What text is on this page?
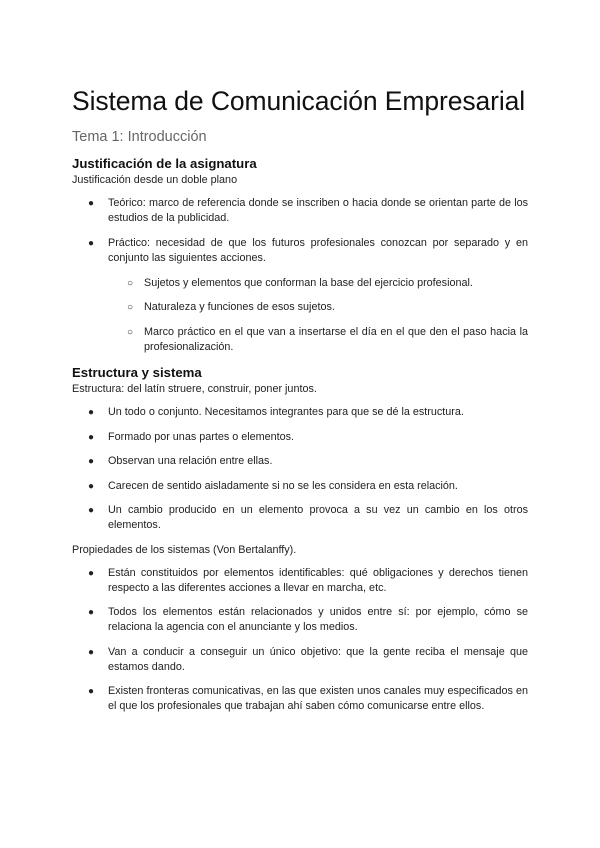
Sistema de Comunicación Empresarial
Tema 1: Introducción
Justificación de la asignatura

Justificación desde un doble plano

● Teórico: marco de referencia donde se inscriben o hacia donde se orientan parte de los estudios de la publicidad.
● Práctico: necesidad de que los futuros profesionales conozcan por separado y en conjunto las siguientes acciones.
○ Sujetos y elementos que conforman la base del ejercicio profesional.
○ Naturaleza y funciones de esos sujetos.
○ Marco práctico en el que van a insertarse el día en el que den el paso hacia la profesionalización.
Estructura y sistema

Estructura: del latín struere, construir, poner juntos.

● Un todo o conjunto. Necesitamos integrantes para que se dé la estructura.
● Formado por unas partes o elementos.
● Observan una relación entre ellas.
● Carecen de sentido aisladamente si no se les considera en esta relación.
● Un cambio producido en un elemento provoca a su vez un cambio en los otros elementos.

Propiedades de los sistemas (Von Bertalanffy).

● Están constituidos por elementos identificables: qué obligaciones y derechos tienen respecto a las diferentes acciones a llevar en marcha, etc.
● Todos los elementos están relacionados y unidos entre sí: por ejemplo, cómo se relaciona la agencia con el anunciante y los medios.
● Van a conducir a conseguir un único objetivo: que la gente reciba el mensaje que estamos dando.
● Existen fronteras comunicativas, en las que existen unos canales muy especificados en el que los profesionales que trabajan ahí saben cómo comunicarse entre ellos.
